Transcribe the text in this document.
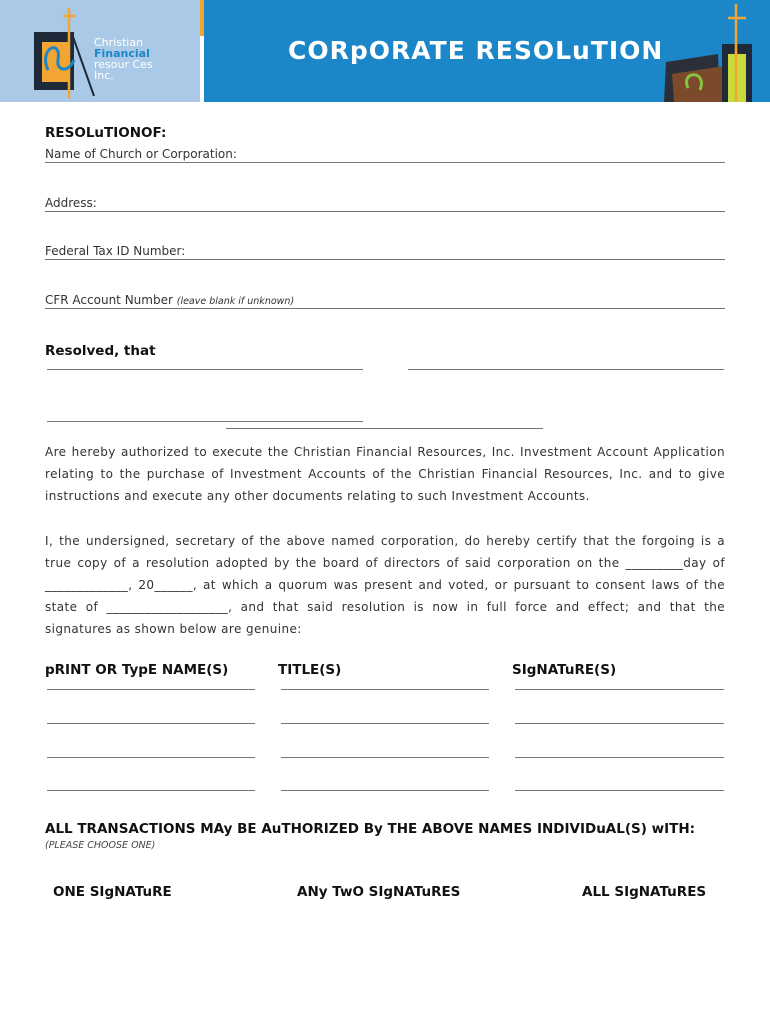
Christian
Financial
resour Ces
Inc.
CORpORATE RESOLuTION
RESOLuTIONOF:
Name of Church or Corporation:
Address:
Federal Tax ID Number:
CFR Account Number (leave blank if unknown)
Resolved, that
Are hereby authorized to execute the Christian Financial Resources, Inc. Investment Account Application relating to the purchase of Investment Accounts of the Christian Financial Resources, Inc. and to give instructions and execute any other documents relating to such Investment Accounts.
I, the undersigned, secretary of the above named corporation, do hereby certify that the forgoing is a true copy of a resolution adopted by the board of directors of said corporation on the _________day of _____________, 20______, at which a quorum was present and voted, or pursuant to consent laws of the state of ___________________, and that said resolution is now in full force and effect; and that the signatures as shown below are genuine:
pRINT OR TypE NAME(S)	TITLE(S)	SIgNATuRE(S)
ALL TRANSACTIONS MAy BE AuTHORIZED By THE ABOVE NAMES INDIVIDuAL(S) wITH:
(PLEASE CHOOSE ONE)
ONE SIgNATuRE	ANy TwO SIgNATuRES	ALL SIgNATuRES
